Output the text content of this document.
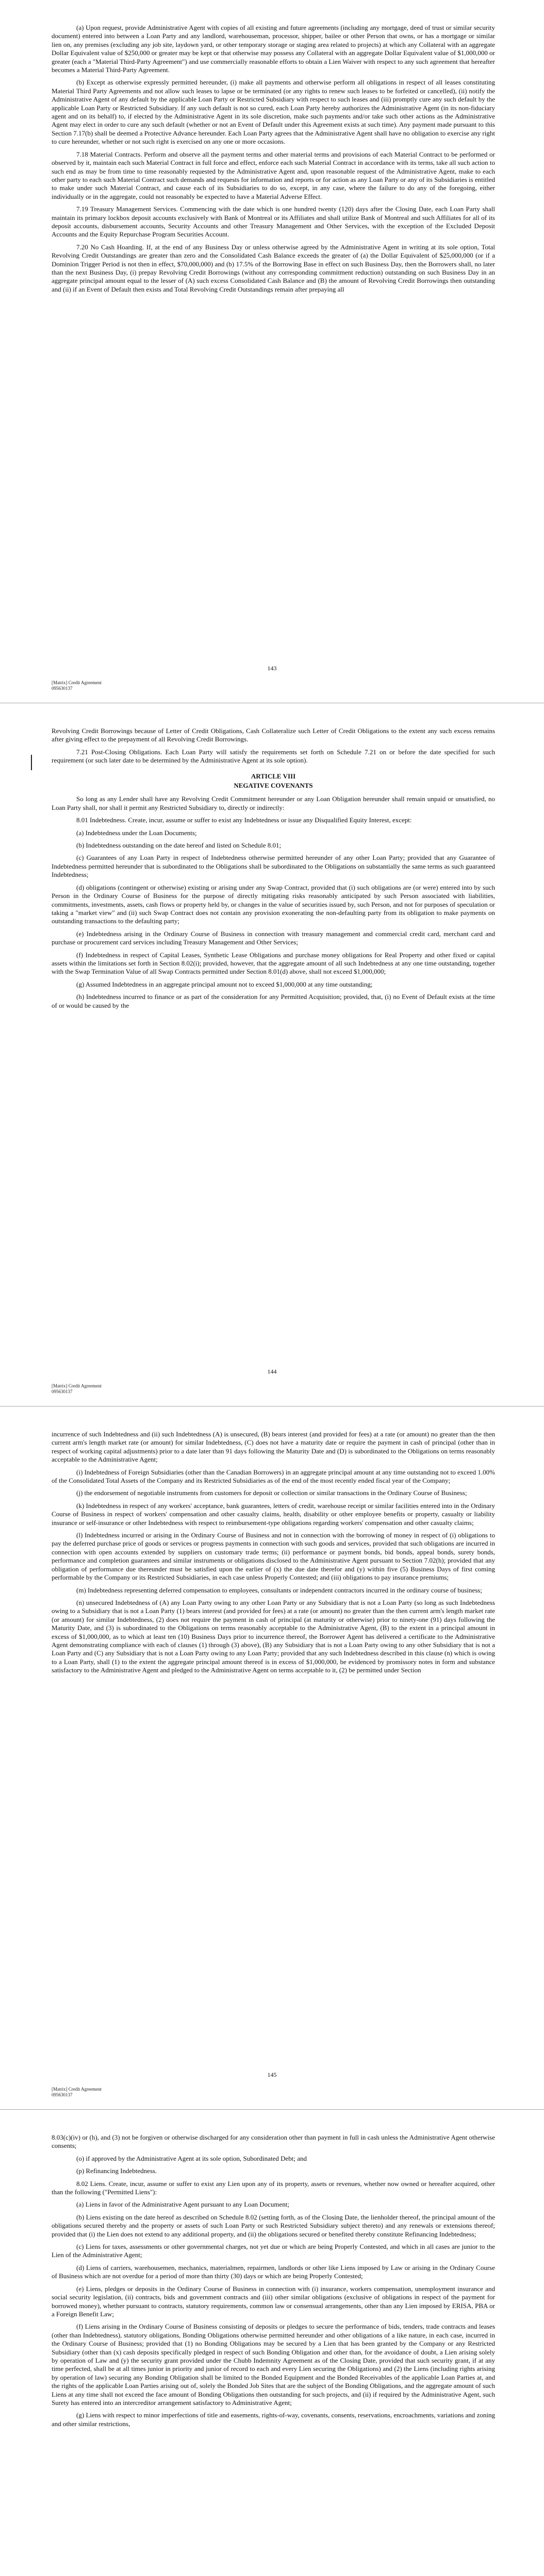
(a) Upon request, provide Administrative Agent with copies of all existing and future agreements (including any mortgage, deed of trust or similar security document) entered into between a Loan Party and any landlord, warehouseman, processor, shipper, bailee or other Person that owns, or has a mortgage or similar lien on, any premises (excluding any job site, laydown yard, or other temporary storage or staging area related to projects) at which any Collateral with an aggregate Dollar Equivalent value of $250,000 or greater may be kept or that otherwise may possess any Collateral with an aggregate Dollar Equivalent value of $1,000,000 or greater (each a "Material Third-Party Agreement") and use commercially reasonable efforts to obtain a Lien Waiver with respect to any such agreement that hereafter becomes a Material Third-Party Agreement.

(b) Except as otherwise expressly permitted hereunder, (i) make all payments and otherwise perform all obligations in respect of all leases constituting Material Third Party Agreements and not allow such leases to lapse or be terminated (or any rights to renew such leases to be forfeited or cancelled), (ii) notify the Administrative Agent of any default by the applicable Loan Party or Restricted Subsidiary with respect to such leases and (iii) promptly cure any such default by the applicable Loan Party or Restricted Subsidiary. If any such default is not so cured, each Loan Party hereby authorizes the Administrative Agent (in its non-fiduciary agent and on its behalf) to, if elected by the Administrative Agent in its sole discretion, make such payments and/or take such other actions as the Administrative Agent may elect in order to cure any such default (whether or not an Event of Default under this Agreement exists at such time). Any payment made pursuant to this Section 7.17(b) shall be deemed a Protective Advance hereunder. Each Loan Party agrees that the Administrative Agent shall have no obligation to exercise any right to cure hereunder, whether or not such right is exercised on any one or more occasions.

7.18 Material Contracts. Perform and observe all the payment terms and other material terms and provisions of each Material Contract to be performed or observed by it, maintain each such Material Contract in full force and effect, enforce each such Material Contract in accordance with its terms, take all such action to such end as may be from time to time reasonably requested by the Administrative Agent and, upon reasonable request of the Administrative Agent, make to each other party to each such Material Contract such demands and requests for information and reports or for action as any Loan Party or any of its Subsidiaries is entitled to make under such Material Contract, and cause each of its Subsidiaries to do so, except, in any case, where the failure to do any of the foregoing, either individually or in the aggregate, could not reasonably be expected to have a Material Adverse Effect.

7.19 Treasury Management Services. Commencing with the date which is one hundred twenty (120) days after the Closing Date, each Loan Party shall maintain its primary lockbox deposit accounts exclusively with Bank of Montreal or its Affiliates and shall utilize Bank of Montreal and such Affiliates for all of its deposit accounts, disbursement accounts, Security Accounts and other Treasury Management and Other Services, with the exception of the Excluded Deposit Accounts and the Equity Repurchase Program Securities Account.

7.20 No Cash Hoarding. If, at the end of any Business Day or unless otherwise agreed by the Administrative Agent in writing at its sole option, Total Revolving Credit Outstandings are greater than zero and the Consolidated Cash Balance exceeds the greater of (a) the Dollar Equivalent of $25,000,000 (or if a Dominion Trigger Period is not then in effect, $70,000,000) and (b) 17.5% of the Borrowing Base in effect on such Business Day, then the Borrowers shall, no later than the next Business Day, (i) prepay Revolving Credit Borrowings (without any corresponding commitment reduction) outstanding on such Business Day in an aggregate principal amount equal to the lesser of (A) such excess Consolidated Cash Balance and (B) the amount of Revolving Credit Borrowings then outstanding and (ii) if an Event of Default then exists and Total Revolving Credit Outstandings remain after prepaying all

143
[Matrix] Credit Agreement
095630137

Revolving Credit Borrowings because of Letter of Credit Obligations, Cash Collateralize such Letter of Credit Obligations to the extent any such excess remains after giving effect to the prepayment of all Revolving Credit Borrowings.

7.21 Post-Closing Obligations. Each Loan Party will satisfy the requirements set forth on Schedule 7.21 on or before the date specified for such requirement (or such later date to be determined by the Administrative Agent at its sole option).

ARTICLE VIII

NEGATIVE COVENANTS

So long as any Lender shall have any Revolving Credit Commitment hereunder or any Loan Obligation hereunder shall remain unpaid or unsatisfied, no Loan Party shall, nor shall it permit any Restricted Subsidiary to, directly or indirectly:

8.01 Indebtedness. Create, incur, assume or suffer to exist any Indebtedness or issue any Disqualified Equity Interest, except:

(a) Indebtedness under the Loan Documents;

(b) Indebtedness outstanding on the date hereof and listed on Schedule 8.01;

(c) Guarantees of any Loan Party in respect of Indebtedness otherwise permitted hereunder of any other Loan Party; provided that any Guarantee of Indebtedness permitted hereunder that is subordinated to the Obligations shall be subordinated to the Obligations on substantially the same terms as such guaranteed Indebtedness;

(d) obligations (contingent or otherwise) existing or arising under any Swap Contract, provided that (i) such obligations are (or were) entered into by such Person in the Ordinary Course of Business for the purpose of directly mitigating risks reasonably anticipated by such Person associated with liabilities, commitments, investments, assets, cash flows or property held by, or changes in the value of securities issued by, such Person, and not for purposes of speculation or taking a "market view" and (ii) such Swap Contract does not contain any provision exonerating the non-defaulting party from its obligation to make payments on outstanding transactions to the defaulting party;

(e) Indebtedness arising in the Ordinary Course of Business in connection with treasury management and commercial credit card, merchant card and purchase or procurement card services including Treasury Management and Other Services;

(f) Indebtedness in respect of Capital Leases, Synthetic Lease Obligations and purchase money obligations for Real Property and other fixed or capital assets within the limitations set forth in Section 8.02(i); provided, however, that the aggregate amount of all such Indebtedness at any one time outstanding, together with the Swap Termination Value of all Swap Contracts permitted under Section 8.01(d) above, shall not exceed $1,000,000;

(g) Assumed Indebtedness in an aggregate principal amount not to exceed $1,000,000 at any time outstanding;

(h) Indebtedness incurred to finance or as part of the consideration for any Permitted Acquisition; provided, that, (i) no Event of Default exists at the time of or would be caused by the

144
[Matrix] Credit Agreement
095630137

incurrence of such Indebtedness and (ii) such Indebtedness (A) is unsecured, (B) bears interest (and provided for fees) at a rate (or amount) no greater than the then current arm's length market rate (or amount) for similar Indebtedness, (C) does not have a maturity date or require the payment in cash of principal (other than in respect of working capital adjustments) prior to a date later than 91 days following the Maturity Date and (D) is subordinated to the Obligations on terms reasonably acceptable to the Administrative Agent;

(i) Indebtedness of Foreign Subsidiaries (other than the Canadian Borrowers) in an aggregate principal amount at any time outstanding not to exceed 1.00% of the Consolidated Total Assets of the Company and its Restricted Subsidiaries as of the end of the most recently ended fiscal year of the Company;

(j) the endorsement of negotiable instruments from customers for deposit or collection or similar transactions in the Ordinary Course of Business;

(k) Indebtedness in respect of any workers' acceptance, bank guarantees, letters of credit, warehouse receipt or similar facilities entered into in the Ordinary Course of Business in respect of workers' compensation and other casualty claims, health, disability or other employee benefits or property, casualty or liability insurance or self-insurance or other Indebtedness with respect to reimbursement-type obligations regarding workers' compensation and other casualty claims;

(l) Indebtedness incurred or arising in the Ordinary Course of Business and not in connection with the borrowing of money in respect of (i) obligations to pay the deferred purchase price of goods or services or progress payments in connection with such goods and services, provided that such obligations are incurred in connection with open accounts extended by suppliers on customary trade terms; (ii) performance or payment bonds, bid bonds, appeal bonds, surety bonds, performance and completion guarantees and similar instruments or obligations disclosed to the Administrative Agent pursuant to Section 7.02(h); provided that any obligation of performance due thereunder must be satisfied upon the earlier of (x) the due date therefor and (y) within five (5) Business Days of first coming performable by the Company or its Restricted Subsidiaries, in each case unless Properly Contested; and (iii) obligations to pay insurance premiums;

(m) Indebtedness representing deferred compensation to employees, consultants or independent contractors incurred in the ordinary course of business;

(n) unsecured Indebtedness of (A) any Loan Party owing to any other Loan Party or any Subsidiary that is not a Loan Party (so long as such Indebtedness owing to a Subsidiary that is not a Loan Party (1) bears interest (and provided for fees) at a rate (or amount) no greater than the then current arm's length market rate (or amount) for similar Indebtedness, (2) does not require the payment in cash of principal (at maturity or otherwise) prior to ninety-one (91) days following the Maturity Date, and (3) is subordinated to the Obligations on terms reasonably acceptable to the Administrative Agent, (B) to the extent in a principal amount in excess of $1,000,000, as to which at least ten (10) Business Days prior to incurrence thereof, the Borrower Agent has delivered a certificate to the Administrative Agent demonstrating compliance with each of clauses (1) through (3) above), (B) any Subsidiary that is not a Loan Party owing to any other Subsidiary that is not a Loan Party and (C) any Subsidiary that is not a Loan Party owing to any Loan Party; provided that any such Indebtedness described in this clause (n) which is owing to a Loan Party, shall (1) to the extent the aggregate principal amount thereof is in excess of $1,000,000, be evidenced by promissory notes in form and substance satisfactory to the Administrative Agent and pledged to the Administrative Agent on terms acceptable to it, (2) be permitted under Section

145
[Matrix] Credit Agreement
095630137

8.03(c)(iv) or (h), and (3) not be forgiven or otherwise discharged for any consideration other than payment in full in cash unless the Administrative Agent otherwise consents;

(o) if approved by the Administrative Agent at its sole option, Subordinated Debt; and

(p) Refinancing Indebtedness.

8.02 Liens. Create, incur, assume or suffer to exist any Lien upon any of its property, assets or revenues, whether now owned or hereafter acquired, other than the following ("Permitted Liens"):

(a) Liens in favor of the Administrative Agent pursuant to any Loan Document;

(b) Liens existing on the date hereof as described on Schedule 8.02 (setting forth, as of the Closing Date, the lienholder thereof, the principal amount of the obligations secured thereby and the property or assets of such Loan Party or such Restricted Subsidiary subject thereto) and any renewals or extensions thereof; provided that (i) the Lien does not extend to any additional property, and (ii) the obligations secured or benefited thereby constitute Refinancing Indebtedness;

(c) Liens for taxes, assessments or other governmental charges, not yet due or which are being Properly Contested, and which in all cases are junior to the Lien of the Administrative Agent;

(d) Liens of carriers, warehousemen, mechanics, materialmen, repairmen, landlords or other like Liens imposed by Law or arising in the Ordinary Course of Business which are not overdue for a period of more than thirty (30) days or which are being Properly Contested;

(e) Liens, pledges or deposits in the Ordinary Course of Business in connection with (i) insurance, workers compensation, unemployment insurance and social security legislation, (ii) contracts, bids and government contracts and (iii) other similar obligations (exclusive of obligations in respect of the payment for borrowed money), whether pursuant to contracts, statutory requirements, common law or consensual arrangements, other than any Lien imposed by ERISA, PBA or a Foreign Benefit Law;

(f) Liens arising in the Ordinary Course of Business consisting of deposits or pledges to secure the performance of bids, tenders, trade contracts and leases (other than Indebtedness), statutory obligations, Bonding Obligations otherwise permitted hereunder and other obligations of a like nature, in each case, incurred in the Ordinary Course of Business; provided that (1) no Bonding Obligations may be secured by a Lien that has been granted by the Company or any Restricted Subsidiary (other than (x) cash deposits specifically pledged in respect of such Bonding Obligation and other than, for the avoidance of doubt, a Lien arising solely by operation of Law and (y) the security grant provided under the Chubb Indemnity Agreement as of the Closing Date, provided that such security grant, if at any time perfected, shall be at all times junior in priority and junior of record to each and every Lien securing the Obligations) and (2) the Liens (including rights arising by operation of law) securing any Bonding Obligation shall be limited to the Bonded Equipment and the Bonded Receivables of the applicable Loan Parties at, and the rights of the applicable Loan Parties arising out of, solely the Bonded Job Sites that are the subject of the Bonding Obligations, and the aggregate amount of such Liens at any time shall not exceed the face amount of Bonding Obligations then outstanding for such projects, and (ii) if required by the Administrative Agent, such Surety has entered into an intercreditor arrangement satisfactory to Administrative Agent;

(g) Liens with respect to minor imperfections of title and easements, rights-of-way, covenants, consents, reservations, encroachments, variations and zoning and other similar restrictions,
